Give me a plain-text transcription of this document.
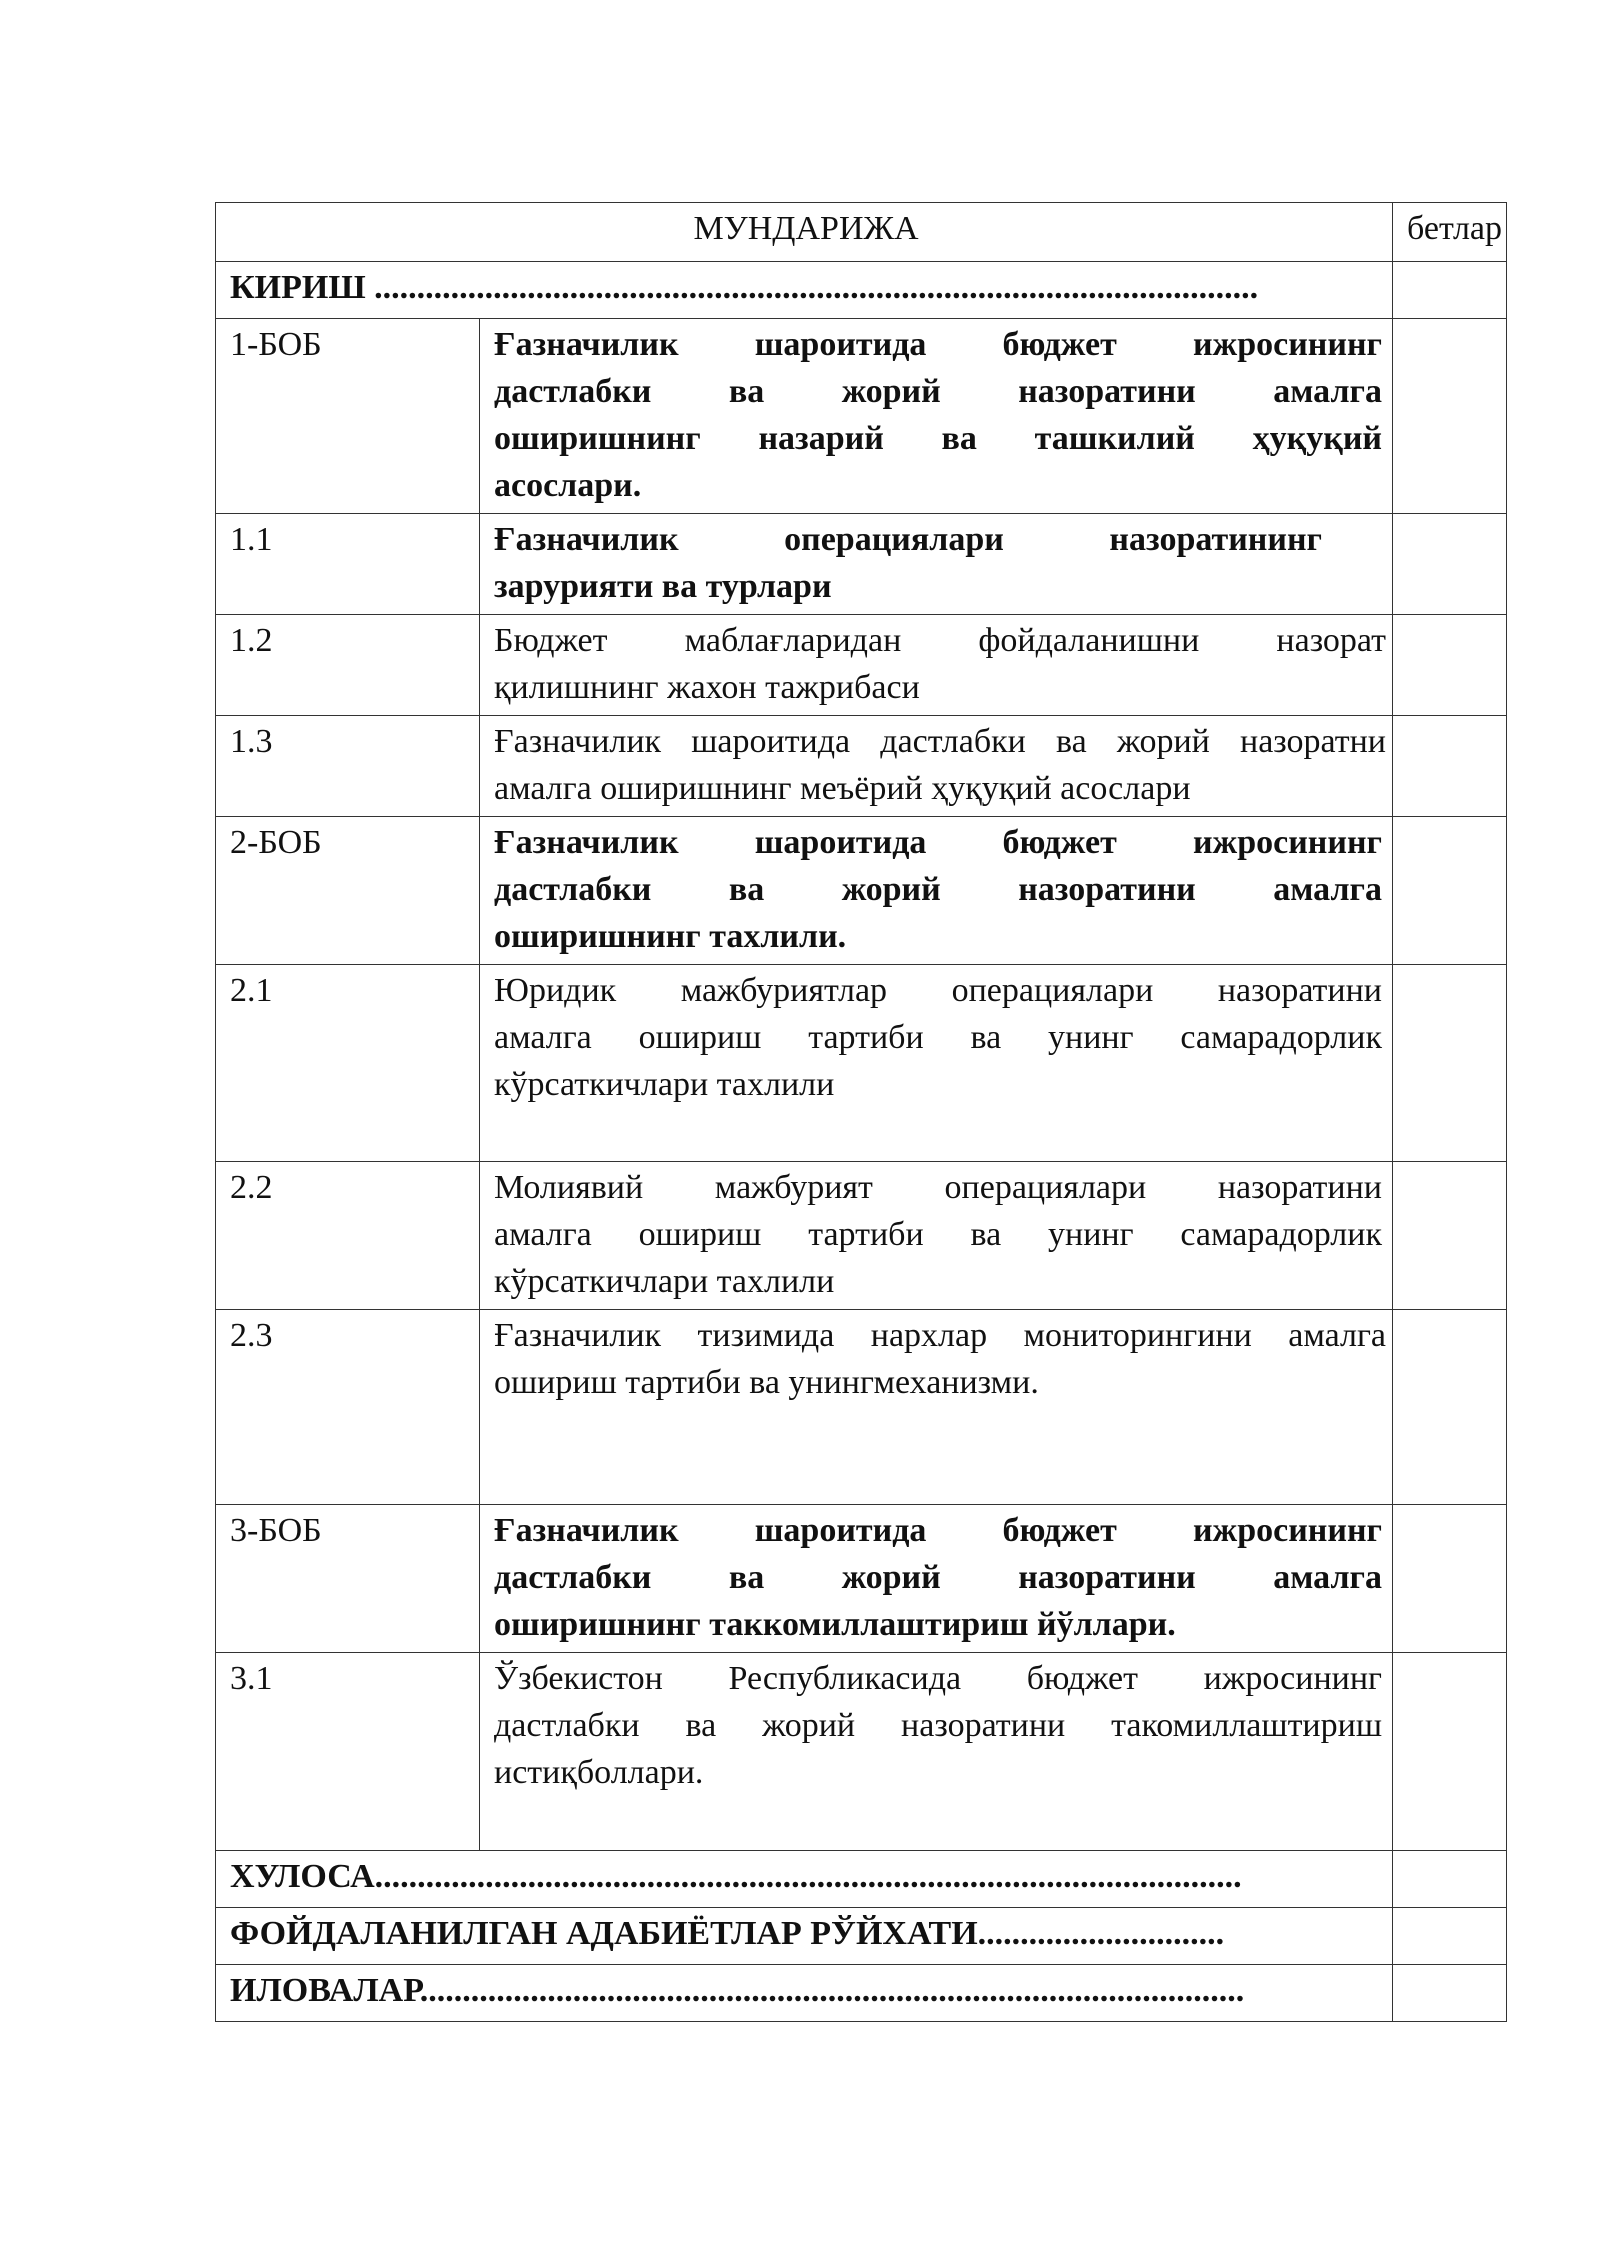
МУНДАРИЖА		бетлар
КИРИШ ........................................................................................................		
1-БОБ	Ғазначилик шароитида бюджет ижросининг
дастлабки ва жорий назоратини амалга
оширишнинг назарий ва ташкилий ҳуқуқий
асослари.	

1.1	Ғазначилик операциялари назоратининг
зарурияти ва турлари	

1.2	Бюджет маблағларидан фойдаланишни назорат
қилишнинг жахон тажрибаси	

1.3	Ғазначилик шароитида дастлабки ва жорий назоратни
амалга оширишнинг меъёрий ҳуқуқий асослари	

2-БОБ	Ғазначилик шароитида бюджет ижросининг
дастлабки ва жорий назоратини амалга
оширишнинг тахлили.	

2.1	Юридик мажбуриятлар операциялари назоратини
амалга ошириш тартиби ва унинг самарадорлик
кўрсаткичлари тахлили	

2.2	Молиявий мажбурият операциялари назоратини
амалга ошириш тартиби ва унинг самарадорлик
кўрсаткичлари тахлили	

2.3	Ғазначилик тизимида нархлар мониторингини амалга
ошириш тартиби ва унингмеханизми.	

3-БОБ	Ғазначилик шароитида бюджет ижросининг
дастлабки ва жорий назоратини амалга
оширишнинг таккомиллаштириш йўллари.	

3.1	Ўзбекистон Республикасида бюджет ижросининг
дастлабки ва жорий назоратини такомиллаштириш
истиқболлари.	

ХУЛОСА......................................................................................................		
ФОЙДАЛАНИЛГАН АДАБИЁТЛАР РЎЙХАТИ.............................		
ИЛОВАЛАР.................................................................................................		
